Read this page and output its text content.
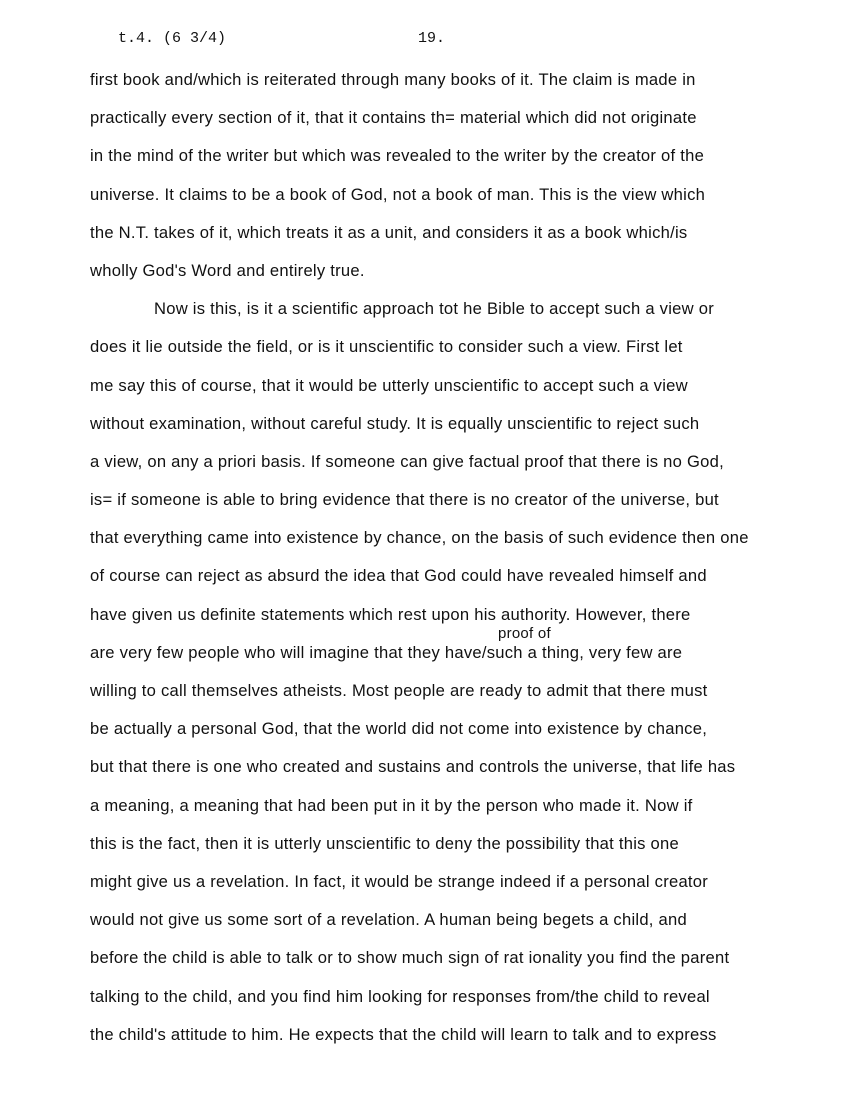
t.4. (6 3/4)	19.
first book and/which is reiterated through many books of it. The claim is made in
practically every section of it, that it contains th= material which did not originate
in the mind of the writer but which was revealed to the writer by the creator of the
universe. It claims to be a book of God, not a book of man. This is the view which
the N.T. takes of it, which treats it as a unit, and considers it as a book which/is
wholly God's Word and entirely true.
Now is this, is it a scientific approach tot he Bible to accept such a view or
does it lie outside the field, or is it unscientific to consider such a view. First let
me say this of course, that it would be utterly unscientific to accept such a view
without examination, without careful study. It is equally unscientific to reject such
a view, on any a priori basis. If someone can give factual proof that there is no God,
is= if someone is able to bring evidence that there is no creator of the universe, but
that everything came into existence by chance, on the basis of such evidence then one
of course can reject as absurd the idea that God could have revealed himself and
have given us definite statements which rest upon his authority. However, there
are very few people who will imagine that they have/such a thing, very few are
proof of
willing to call themselves atheists. Most people are ready to admit that there must
be actually a personal God, that the world did not come into existence by chance,
but that there is one who created and sustains and controls the universe, that life has
a meaning, a meaning that had been put in it by the person who made it. Now if
this is the fact, then it is utterly unscientific to deny the possibility that this one
might give us a revelation. In fact, it would be strange indeed if a personal creator
would not give us some sort of a revelation. A human being begets a child, and
before the child is able to talk or to show much sign of rat ionality you find the parent
talking to the child, and you find him looking for responses from/the child to reveal
the child's attitude to him. He expects that the child will learn to talk and to express
